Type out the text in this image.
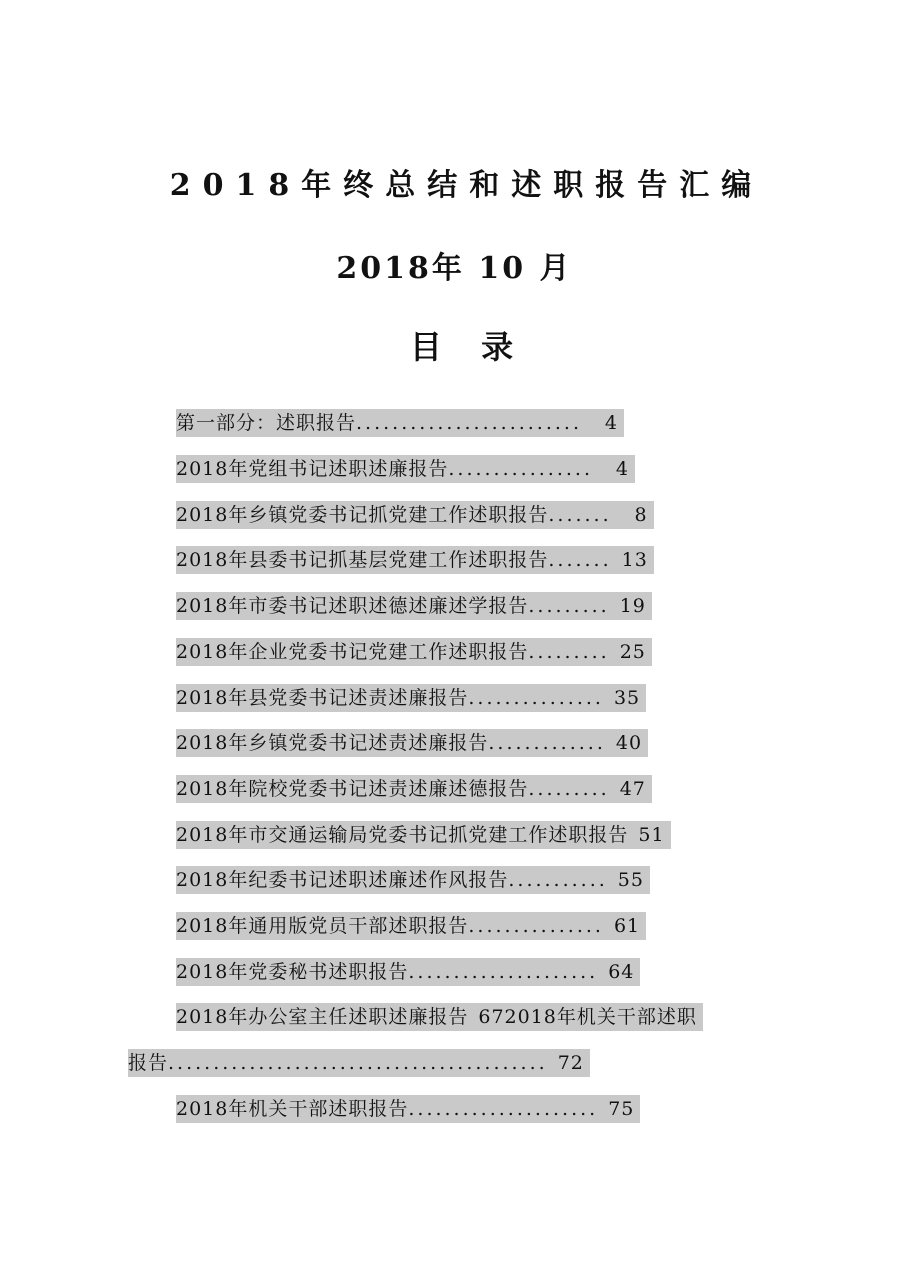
2018年终总结和述职报告汇编
2018年 10 月
目 录
第一部分：述职报告......................... 4
2018年党组书记述职述廉报告................ 4
2018年乡镇党委书记抓党建工作述职报告....... 8
2018年县委书记抓基层党建工作述职报告....... 13
2018年市委书记述职述德述廉述学报告......... 19
2018年企业党委书记党建工作述职报告......... 25
2018年县党委书记述责述廉报告............... 35
2018年乡镇党委书记述责述廉报告............. 40
2018年院校党委书记述责述廉述德报告......... 47
2018年市交通运输局党委书记抓党建工作述职报告 51
2018年纪委书记述职述廉述作风报告........... 55
2018年通用版党员干部述职报告............... 61
2018年党委秘书述职报告..................... 64
2018年办公室主任述职述廉报告 672018年机关干部述职
报告.......................................... 72
2018年机关干部述职报告..................... 75
